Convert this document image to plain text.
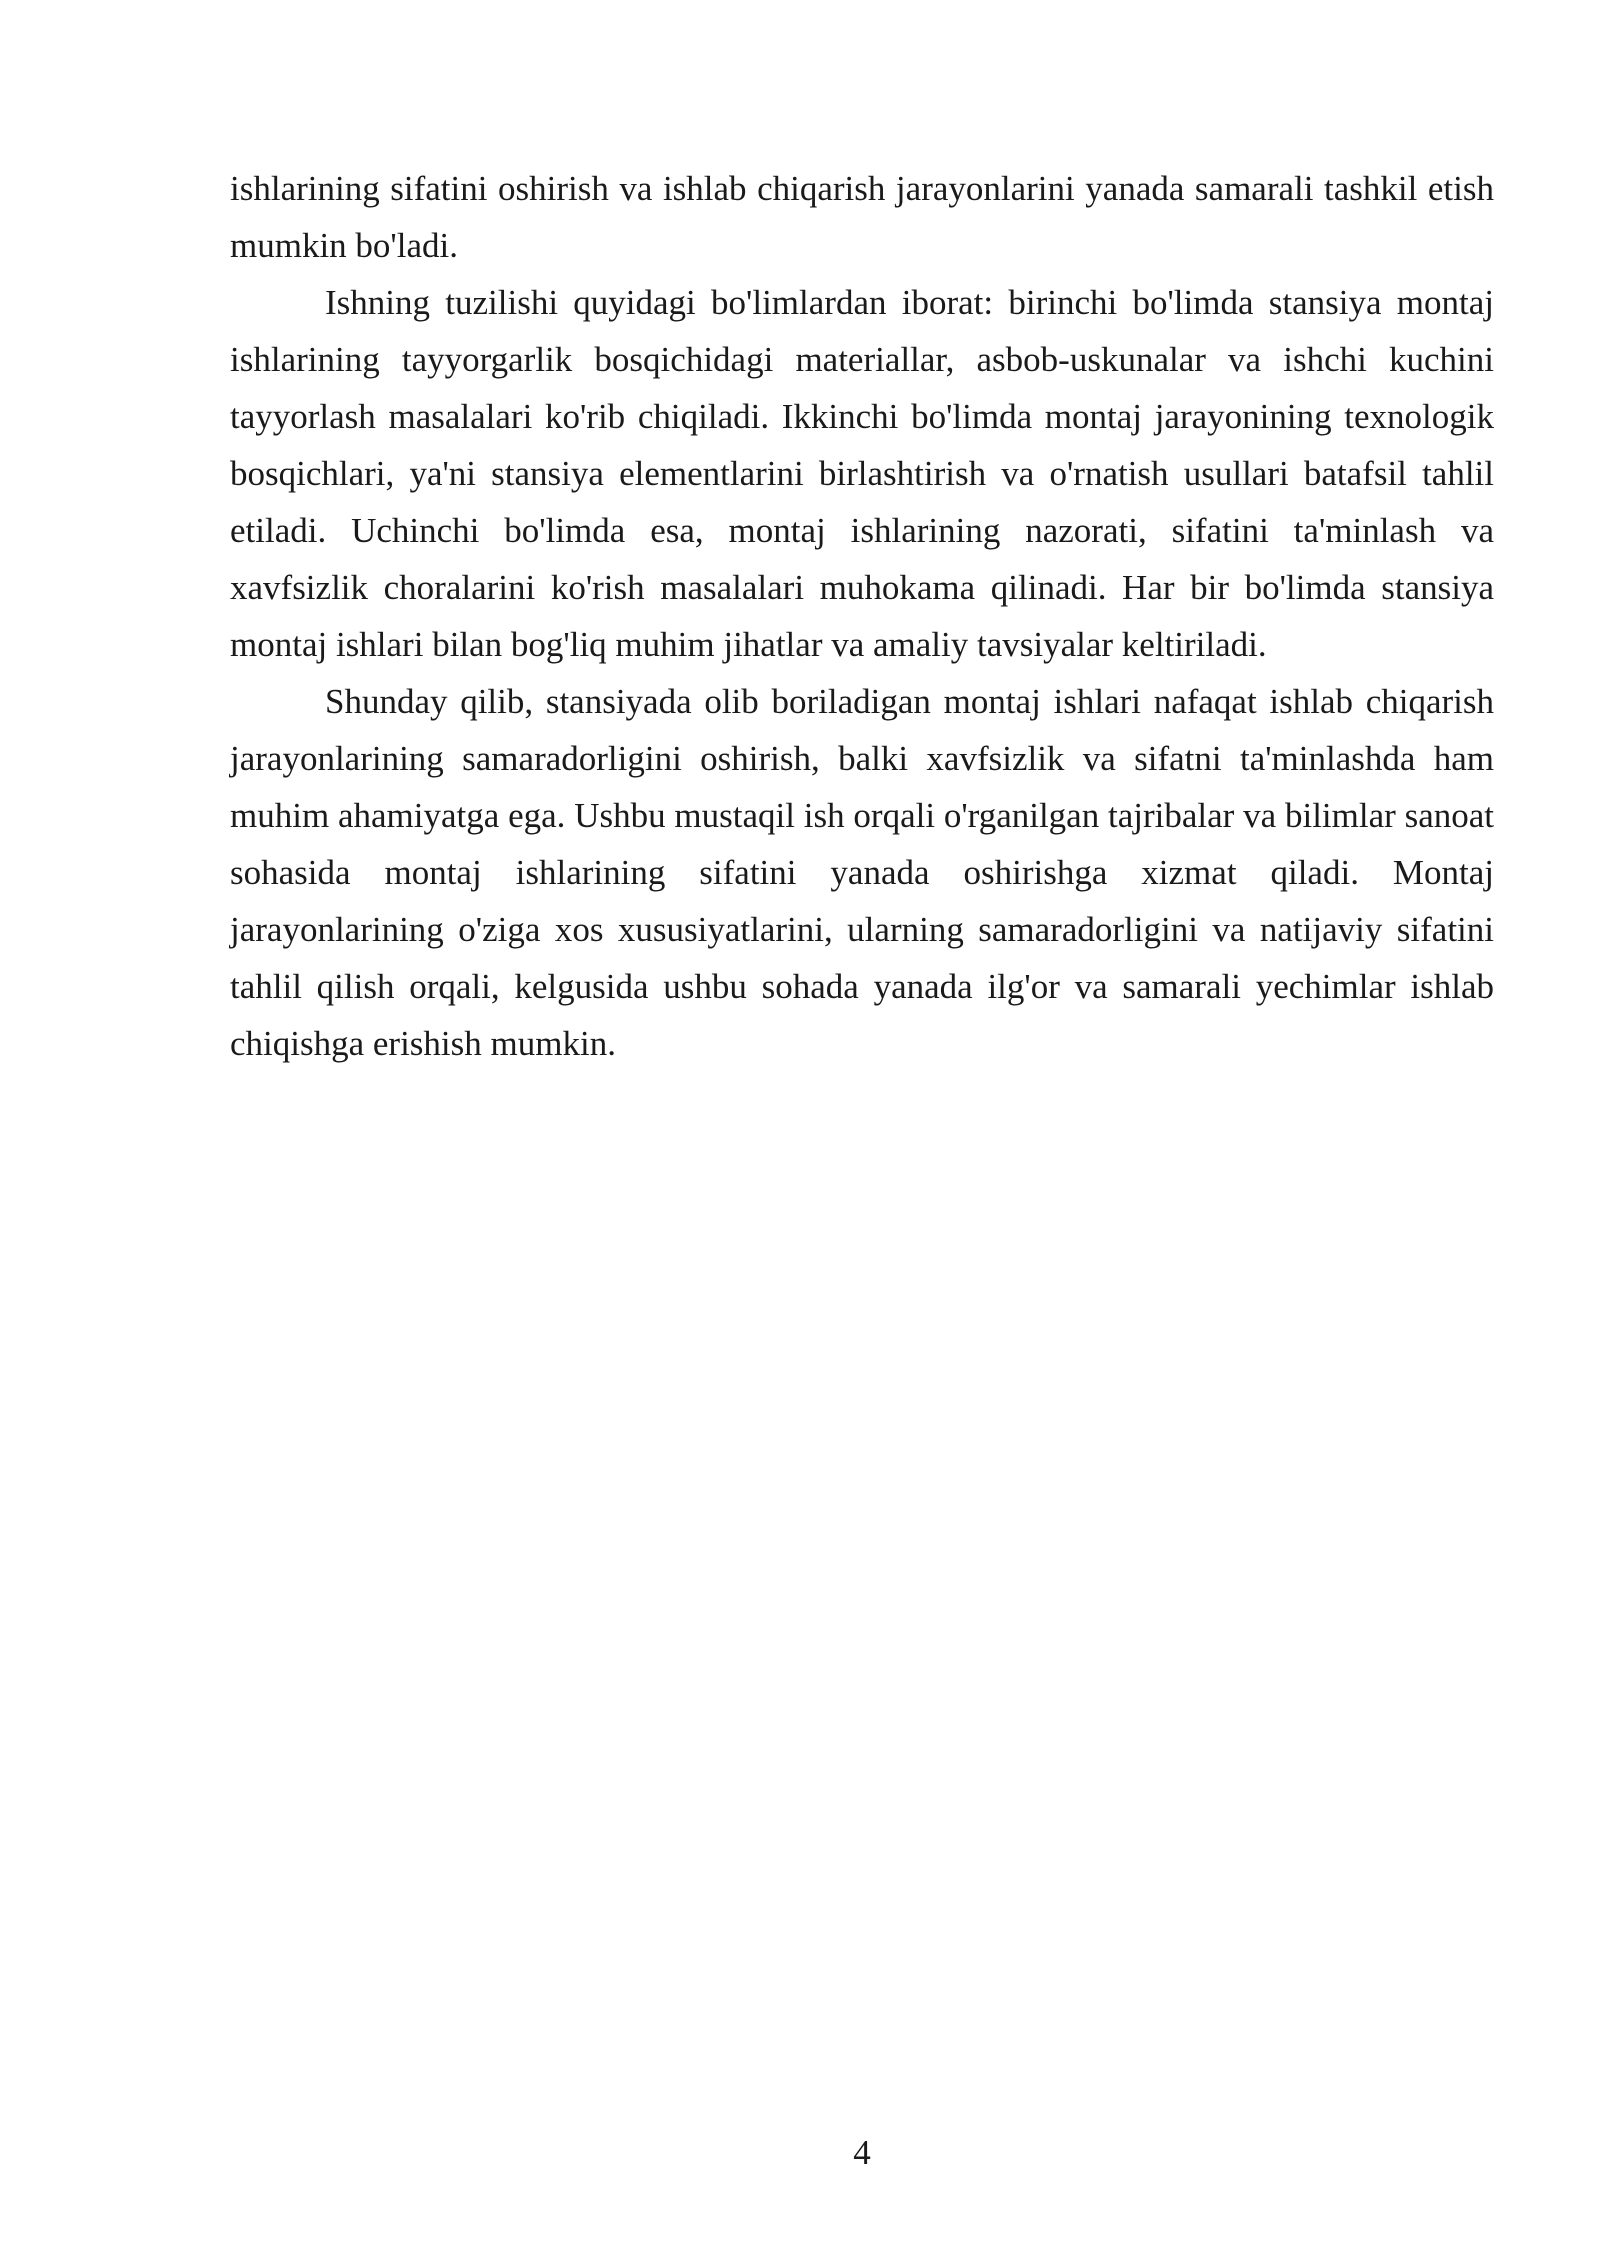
ishlarining sifatini oshirish va ishlab chiqarish jarayonlarini yanada samarali tashkil etish mumkin bo'ladi.

Ishning tuzilishi quyidagi bo'limlardan iborat: birinchi bo'limda stansiya montaj ishlarining tayyorgarlik bosqichidagi materiallar, asbob-uskunalar va ishchi kuchini tayyorlash masalalari ko'rib chiqiladi. Ikkinchi bo'limda montaj jarayonining texnologik bosqichlari, ya'ni stansiya elementlarini birlashtirish va o'rnatish usullari batafsil tahlil etiladi. Uchinchi bo'limda esa, montaj ishlarining nazorati, sifatini ta'minlash va xavfsizlik choralarini ko'rish masalalari muhokama qilinadi. Har bir bo'limda stansiya montaj ishlari bilan bog'liq muhim jihatlar va amaliy tavsiyalar keltiriladi.

Shunday qilib, stansiyada olib boriladigan montaj ishlari nafaqat ishlab chiqarish jarayonlarining samaradorligini oshirish, balki xavfsizlik va sifatni ta'minlashda ham muhim ahamiyatga ega. Ushbu mustaqil ish orqali o'rganilgan tajribalar va bilimlar sanoat sohasida montaj ishlarining sifatini yanada oshirishga xizmat qiladi. Montaj jarayonlarining o'ziga xos xususiyatlarini, ularning samaradorligini va natijaviy sifatini tahlil qilish orqali, kelgusida ushbu sohada yanada ilg'or va samarali yechimlar ishlab chiqishga erishish mumkin.

4
